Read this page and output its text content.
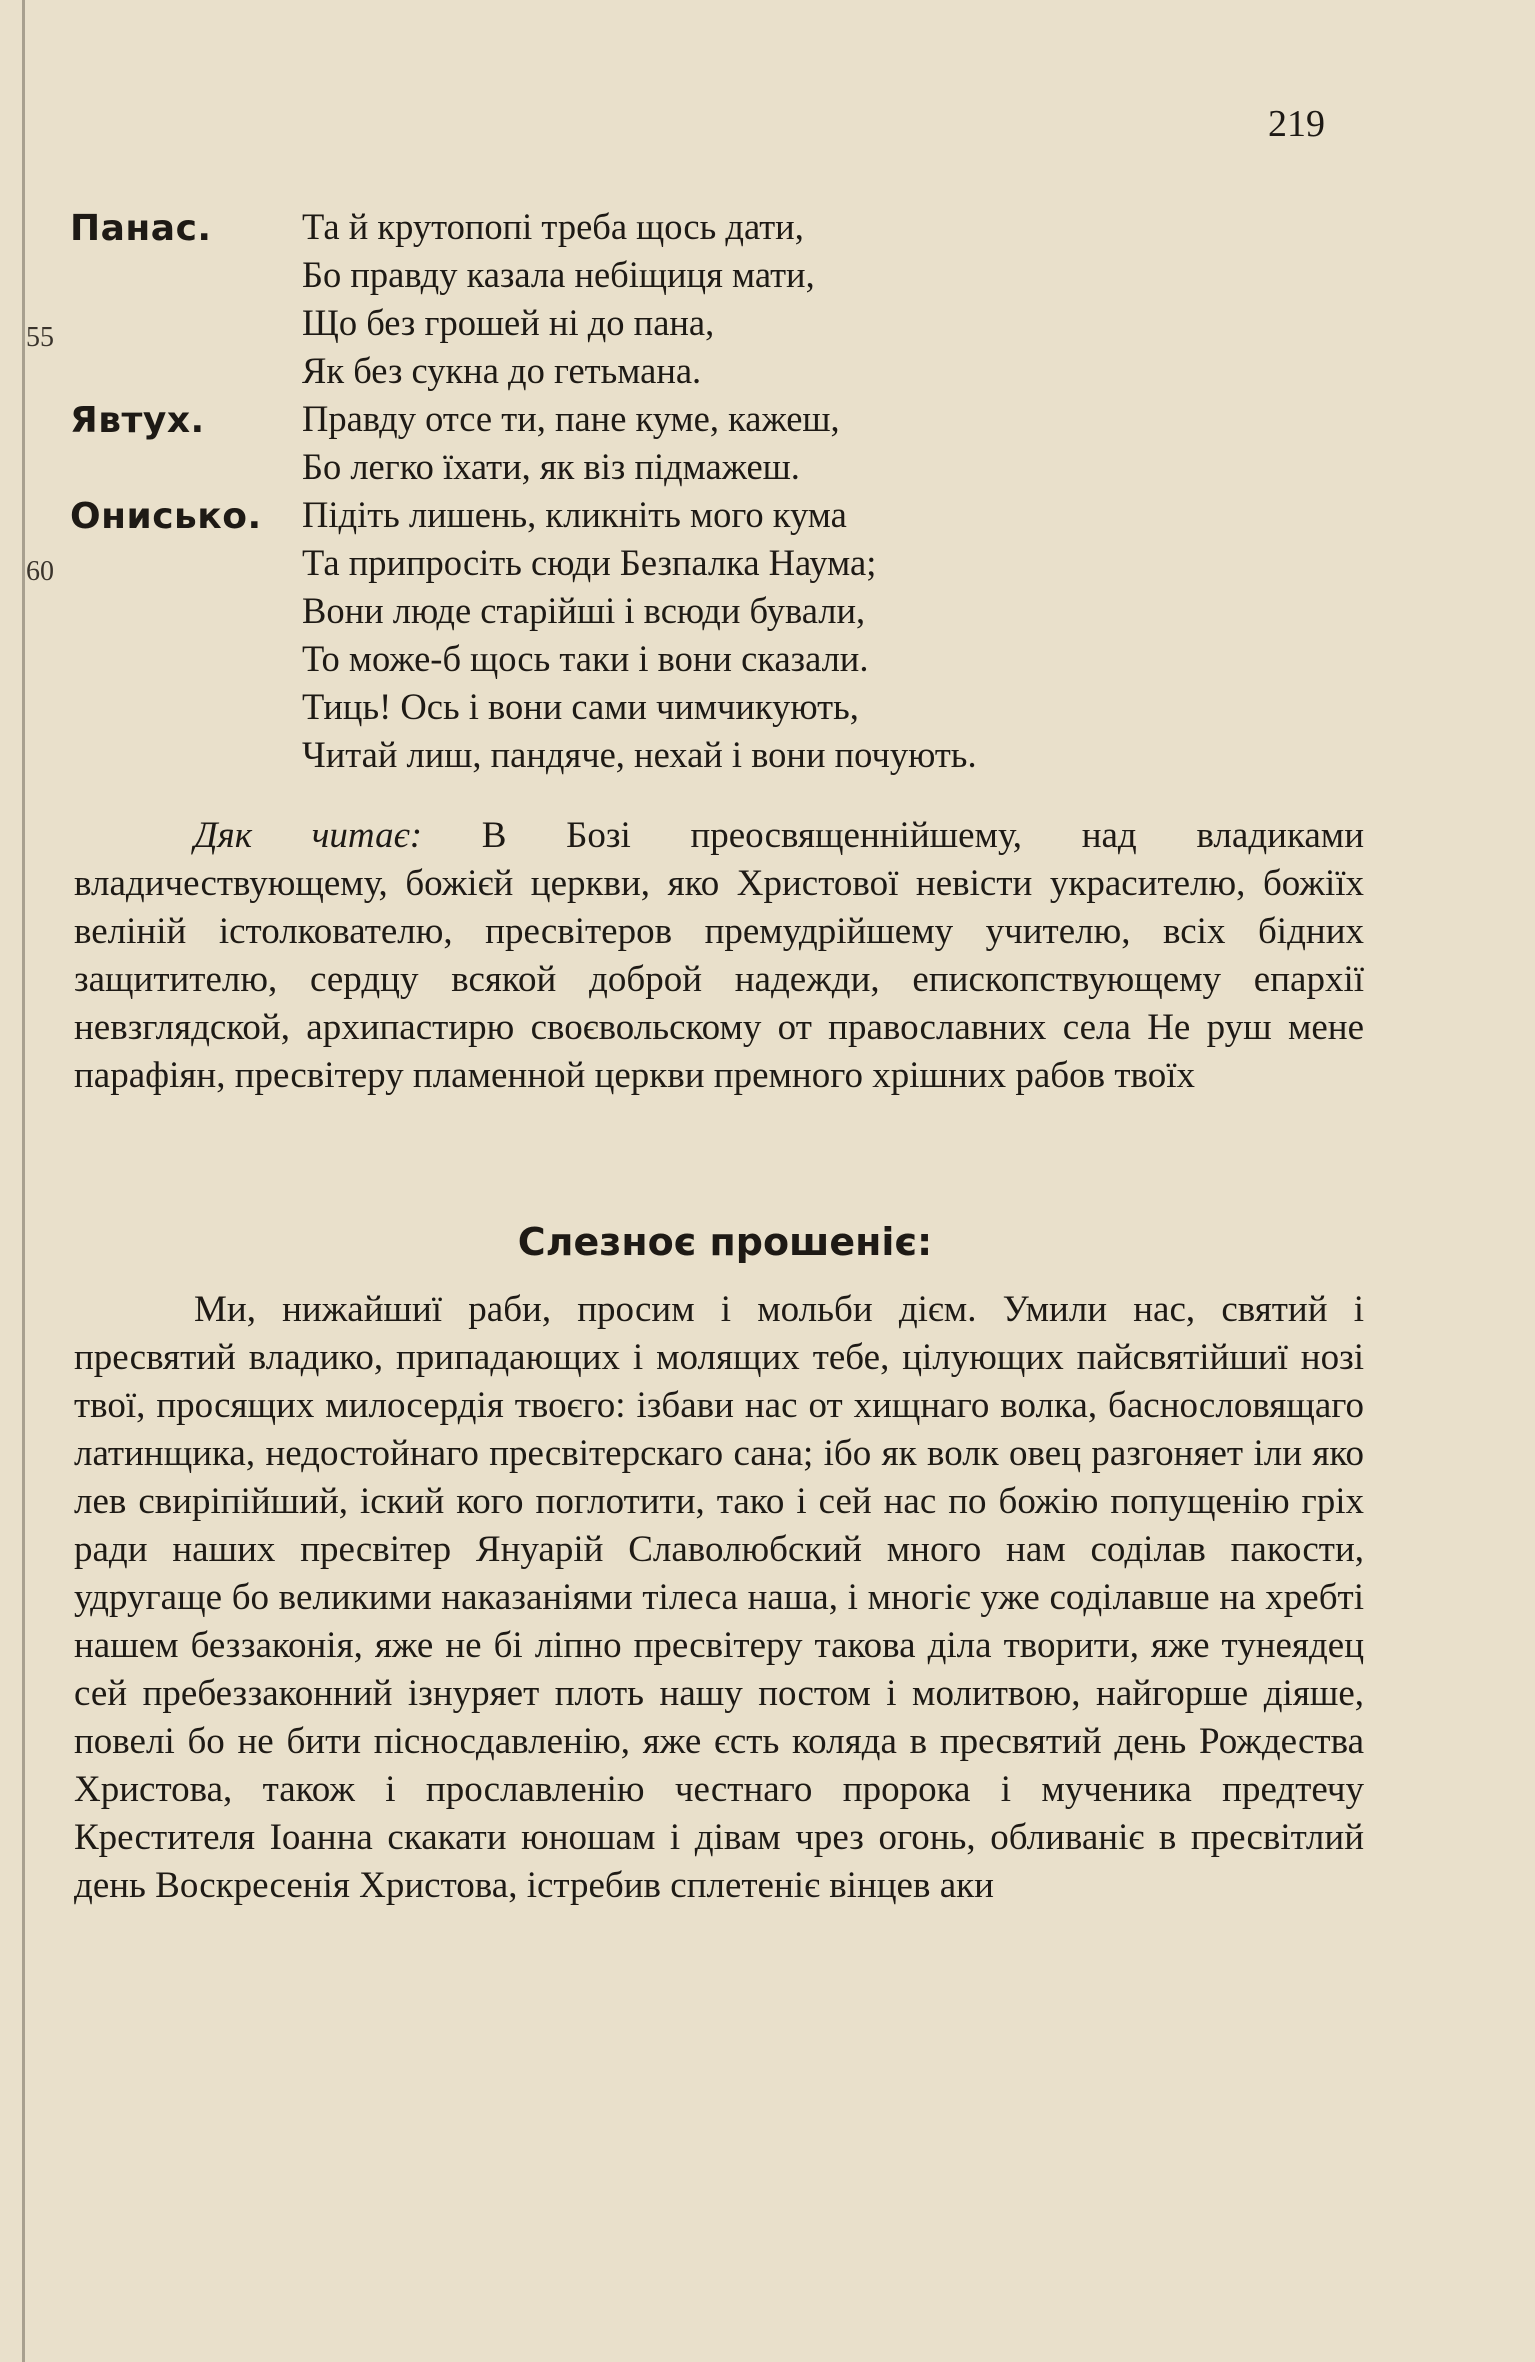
55
60
219
Панас. Та й крутопопі треба щось дати,
Бо правду казала небіщиця мати,
Що без грошей ні до пана,
Як без сукна до гетьмана.
Явтух.	Правду отсе ти, пане куме, кажеш,
Бо легко їхати, як віз підмажеш.
Онисько. Підіть лишень, кликніть мого кума
Та припросіть сюди Безпалка Наума;
Вони люде старійші і всюди бували,
То може-б щось таки і вони сказали.
Тиць! Ось і вони сами чимчикують,
Читай лиш, пандяче, нехай і вони почують.
Дяк читає: В Бозі преосвященнійшему, над владиками владичествующему, божієй церкви, яко Христової невісти украсителю, божіїх веліній істолкователю, пресвітеров премудрійшему учителю, всіх бідних защитителю, сердцу всякой доброй надежди, епископствующему епархії невзглядской, архипастирю своєвольскому от православних села Не руш мене парафіян, пресвітеру пламенной церкви премного хрішних рабов твоїх
Слезноє прошеніє:
Ми, нижайшиї раби, просим і мольби дієм. Умили нас, святий і пресвятий владико, припадающих і молящих тебе, цілующих пайсвятійшиї нозі твої, просящих милосердія твоєго: ізбави нас от хищнаго волка, баснословящаго латинщика, недостойнаго пресвітерскаго сана; ібо як волк овец разгоняет іли яко лев свиріпійший, іский кого поглотити, тако і сей нас по божію попущенію гріх ради наших пресвітер Януарій Славолюбский много нам соділав пакости, удругаще бо великими наказаніями тілеса наша, і многіє уже соділавше на хребті нашем беззаконія, яже не бі ліпно пресвітеру такова діла творити, яже тунеядец сей пребеззаконний ізнуряет плоть нашу постом і молитвою, найгорше діяше, повелі бо не бити пісносдавленію, яже єсть коляда в пресвятий день Рождества Христова, також і прославленію честнаго пророка і мученика предтечу Крестителя Іоанна скакати юношам і дівам чрез огонь, обливаніє в пресвітлий день Воскресенія Христова, істребив сплетеніє вінцев аки
